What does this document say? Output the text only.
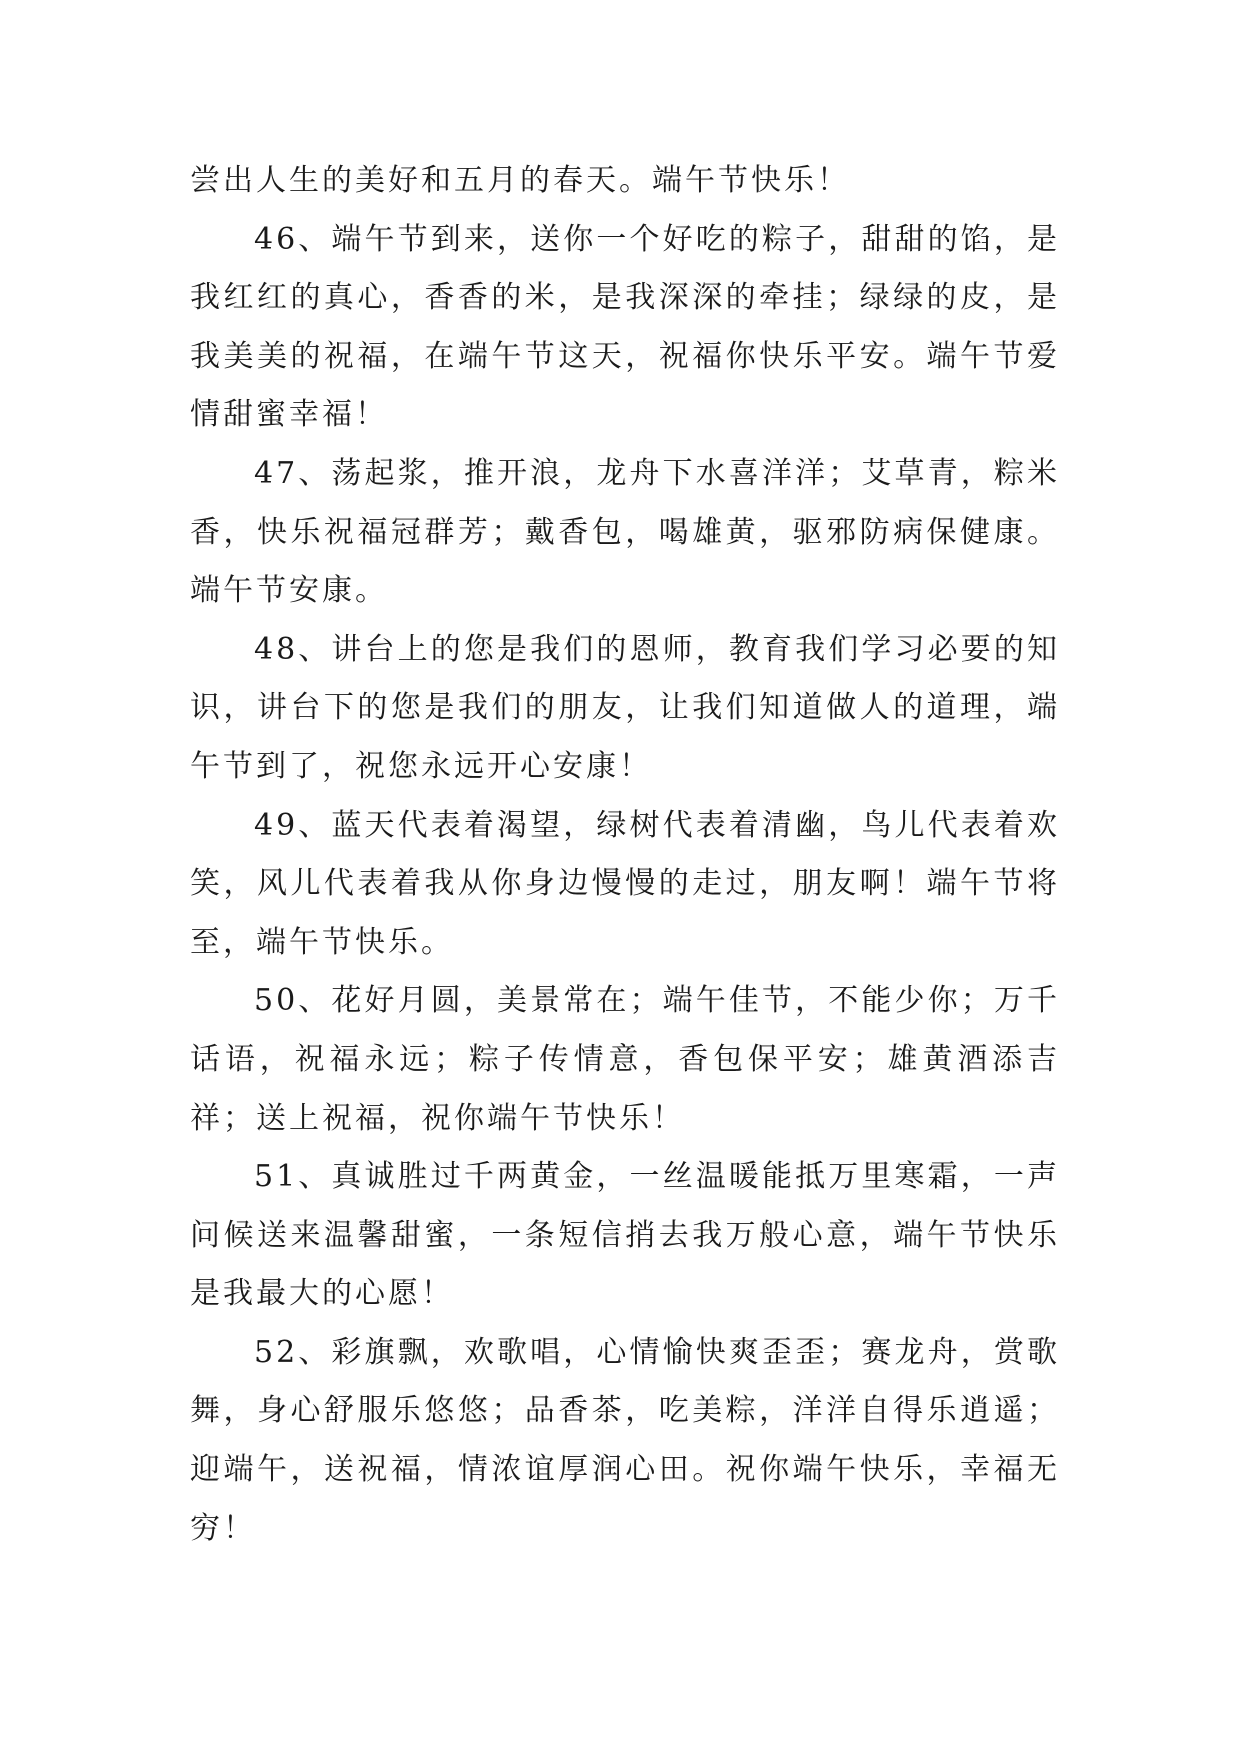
尝出人生的美好和五月的春天。端午节快乐！

46、端午节到来，送你一个好吃的粽子，甜甜的馅，是我红红的真心，香香的米，是我深深的牵挂；绿绿的皮，是我美美的祝福，在端午节这天，祝福你快乐平安。端午节爱情甜蜜幸福！

47、荡起浆，推开浪，龙舟下水喜洋洋；艾草青，粽米香，快乐祝福冠群芳；戴香包，喝雄黄，驱邪防病保健康。端午节安康。

48、讲台上的您是我们的恩师，教育我们学习必要的知识，讲台下的您是我们的朋友，让我们知道做人的道理，端午节到了，祝您永远开心安康！

49、蓝天代表着渴望，绿树代表着清幽，鸟儿代表着欢笑，风儿代表着我从你身边慢慢的走过，朋友啊！端午节将至，端午节快乐。

50、花好月圆，美景常在；端午佳节，不能少你；万千话语，祝福永远；粽子传情意，香包保平安；雄黄酒添吉祥；送上祝福，祝你端午节快乐！

51、真诚胜过千两黄金，一丝温暖能抵万里寒霜，一声问候送来温馨甜蜜，一条短信捎去我万般心意，端午节快乐是我最大的心愿！

52、彩旗飘，欢歌唱，心情愉快爽歪歪；赛龙舟，赏歌舞，身心舒服乐悠悠；品香茶，吃美粽，洋洋自得乐逍遥；迎端午，送祝福，情浓谊厚润心田。祝你端午快乐，幸福无穷！
